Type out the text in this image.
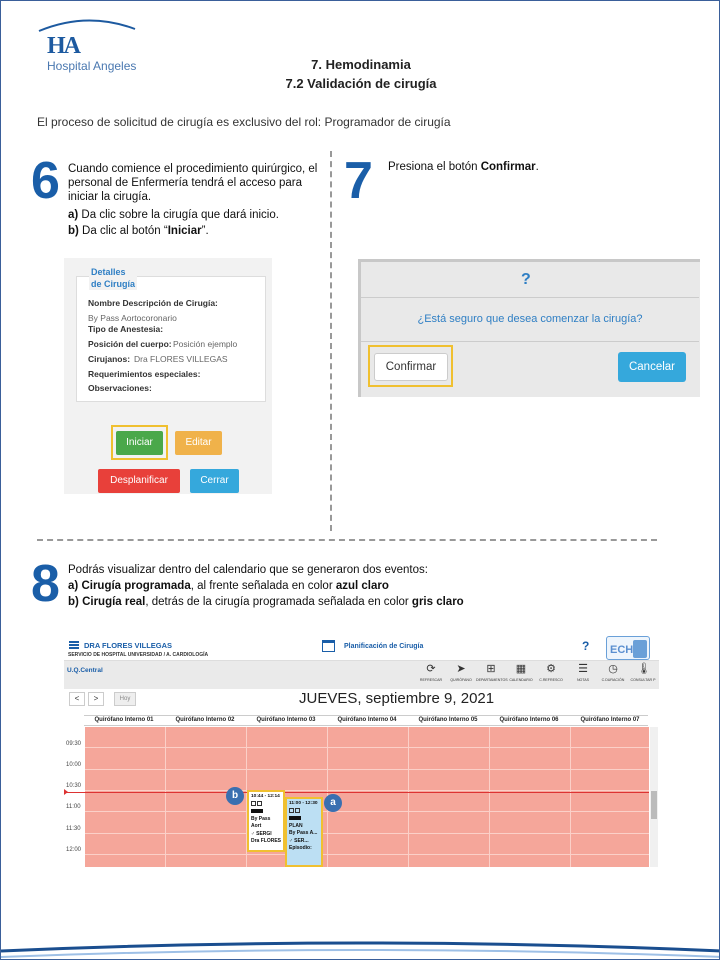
HA
Hospital Angeles	7. Hemodinamia
7.2 Validación de cirugía
El proceso de solicitud de cirugía es exclusivo del rol: Programador de cirugía
6 Cuando comience el procedimiento quirúrgico, el personal de Enfermería tendrá el acceso para iniciar la cirugía.

a) Da clic sobre la cirugía que dará inicio.

b) Da clic al botón “Iniciar”.

Detalles
de Cirugía
Nombre Descripción de Cirugía:
By Pass Aortocoronario
Tipo de Anestesia:
Posición del cuerpo: Posición ejemplo
Cirujanos: Dra FLORES VILLEGAS
Requerimientos especiales:
Observaciones:
Iniciar	Editar
Desplanificar	Cerrar
7 Presiona el botón Confirmar.
?
¿Está seguro que desea comenzar la cirugía?
Confirmar	Cancelar
8 Podrás visualizar dentro del calendario que se generaron dos eventos:

a) Cirugía programada, al frente señalada en color azul claro

b) Cirugía real, detrás de la cirugía programada señalada en color gris claro

DRA FLORES VILLEGAS
SERVICIO DE HOSPITAL UNIVERSIDAD / A. CARDIOLOGÍA
Planificación de Cirugía	? ECH
U.Q.Central	⟳
REFRESCAR
➤
QUIRÓFANO
⊞
DEPARTAMENTOS
▦
CALENDARIO
⚙
C.REFRESCO
☰
NOTAS
◷
C.DURACIÓN
🌡
CONSULTAR P
<	>	Hoy	JUEVES, septiembre 9, 2021
Quirófano Interno 01	Quirófano Interno 02	Quirófano Interno 03	Quirófano Interno 04	Quirófano Interno 05	Quirófano Interno 06	Quirófano Interno 07
09:30
10:00
10:30
11:00
11:30
12:00
10:44 - 12:14
By Pass Aort
♂ SERGI
Dra FLORES
11:00 - 12:30
PLAN
By Pass A...
♂ SER...
Episodio:
b
a
